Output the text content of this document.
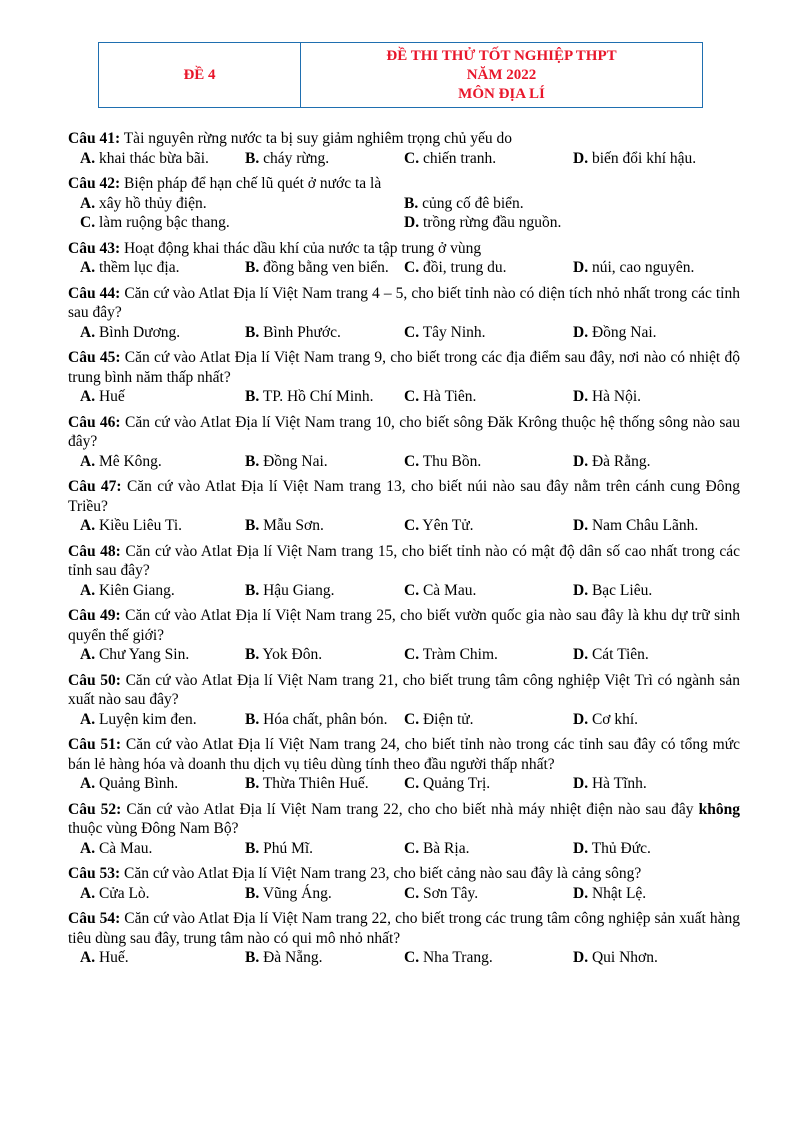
ĐỀ 4
ĐỀ THI THỬ TỐT NGHIỆP THPT
NĂM 2022
MÔN ĐỊA LÍ
Câu 41: Tài nguyên rừng nước ta bị suy giảm nghiêm trọng chủ yếu do
A. khai thác bừa bãi.	B. cháy rừng.	C. chiến tranh.	D. biến đổi khí hậu.
Câu 42: Biện pháp để hạn chế lũ quét ở nước ta là
A. xây hồ thủy điện.	B. củng cố đê biển.
C. làm ruộng bậc thang.	D. trồng rừng đầu nguồn.
Câu 43: Hoạt động khai thác dầu khí của nước ta tập trung ở vùng
A. thềm lục địa.	B. đồng bằng ven biển. C. đồi, trung du.	D. núi, cao nguyên.
Câu 44: Căn cứ vào Atlat Địa lí Việt Nam trang 4 – 5, cho biết tỉnh nào có diện tích nhỏ nhất trong các tỉnh sau đây?
A. Bình Dương.	B. Bình Phước.	C. Tây Ninh.	D. Đồng Nai.
Câu 45: Căn cứ vào Atlat Địa lí Việt Nam trang 9, cho biết trong các địa điểm sau đây, nơi nào có nhiệt độ trung bình năm thấp nhất?
A. Huế	B. TP. Hồ Chí Minh.	C. Hà Tiên.	D. Hà Nội.
Câu 46: Căn cứ vào Atlat Địa lí Việt Nam trang 10, cho biết sông Đăk Krông thuộc hệ thống sông nào sau đây?
A. Mê Kông.	B. Đồng Nai.	C. Thu Bồn.	D. Đà Rằng.
Câu 47: Căn cứ vào Atlat Địa lí Việt Nam trang 13, cho biết núi nào sau đây nằm trên cánh cung Đông Triều?
A. Kiều Liêu Ti.	B. Mẫu Sơn.	C. Yên Tử.	D. Nam Châu Lãnh.
Câu 48: Căn cứ vào Atlat Địa lí Việt Nam trang 15, cho biết tỉnh nào có mật độ dân số cao nhất trong các tỉnh sau đây?
A. Kiên Giang.	B. Hậu Giang.	C. Cà Mau.	D. Bạc Liêu.
Câu 49: Căn cứ vào Atlat Địa lí Việt Nam trang 25, cho biết vườn quốc gia nào sau đây là khu dự trữ sinh quyển thế giới?
A. Chư Yang Sin.	B. Yok Đôn.	C. Tràm Chim.	D. Cát Tiên.
Câu 50: Căn cứ vào Atlat Địa lí Việt Nam trang 21, cho biết trung tâm công nghiệp Việt Trì có ngành sản xuất nào sau đây?
A. Luyện kim đen.	B. Hóa chất, phân bón.	C. Điện tử.	D. Cơ khí.
Câu 51: Căn cứ vào Atlat Địa lí Việt Nam trang 24, cho biết tỉnh nào trong các tỉnh sau đây có tổng mức bán lẻ hàng hóa và doanh thu dịch vụ tiêu dùng tính theo đầu người thấp nhất?
A. Quảng Bình.	B. Thừa Thiên Huế.	C. Quảng Trị.	D. Hà Tĩnh.
Câu 52: Căn cứ vào Atlat Địa lí Việt Nam trang 22, cho cho biết nhà máy nhiệt điện nào sau đây không thuộc vùng Đông Nam Bộ?
A. Cà Mau.	B. Phú Mĩ.	C. Bà Rịa.	D. Thủ Đức.
Câu 53: Căn cứ vào Atlat Địa lí Việt Nam trang 23, cho biết cảng nào sau đây là cảng sông?
A. Cửa Lò.	B. Vũng Áng.	C. Sơn Tây.	D. Nhật Lệ.
Câu 54: Căn cứ vào Atlat Địa lí Việt Nam trang 22, cho biết trong các trung tâm công nghiệp sản xuất hàng tiêu dùng sau đây, trung tâm nào có qui mô nhỏ nhất?
A. Huế.	B. Đà Nẵng.	C. Nha Trang.	D. Qui Nhơn.
